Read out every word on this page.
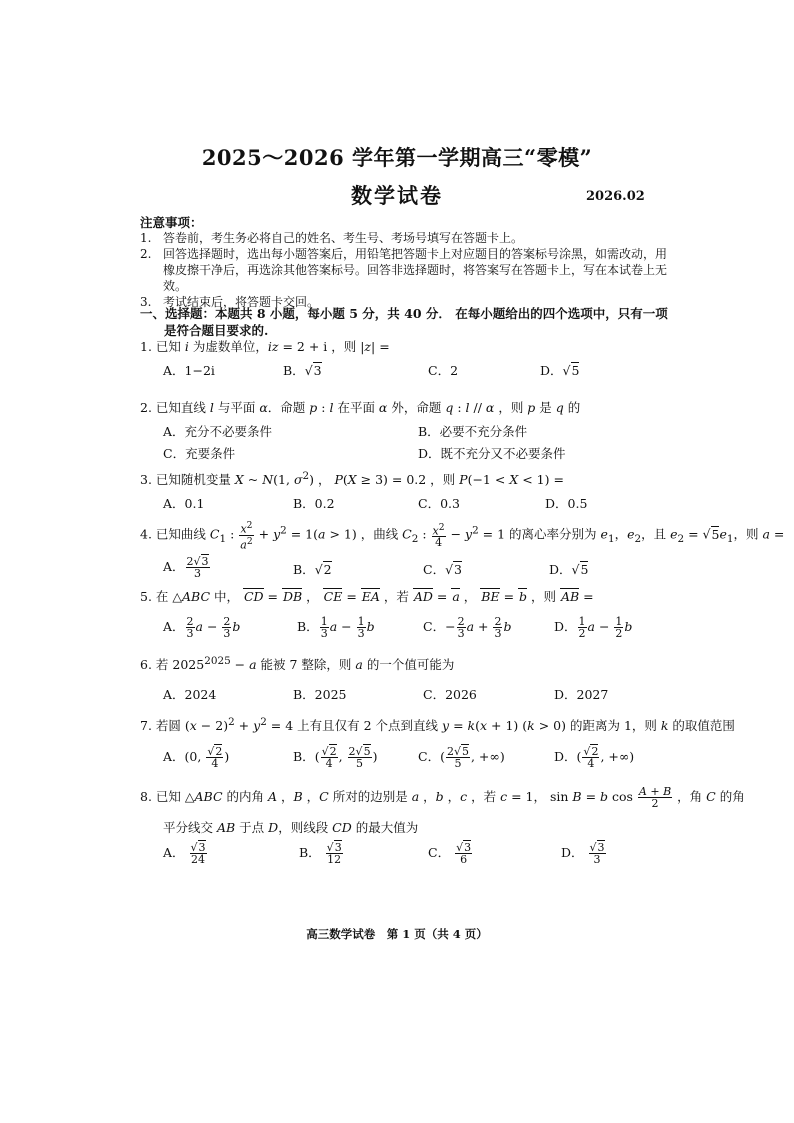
2025～2026 学年第一学期高三“零模”
数学试卷	2026.02
注意事项：
1. 答卷前，考生务必将自己的姓名、考生号、考场号填写在答题卡上。
2. 回答选择题时，选出每小题答案后，用铅笔把答题卡上对应题目的答案标号涂黑，如需改动，用橡皮擦干净后，再选涂其他答案标号。回答非选择题时，将答案写在答题卡上，写在本试卷上无效。
3. 考试结束后，将答题卡交回。
一、选择题：本题共 8 小题，每小题 5 分，共 40 分． 在每小题给出的四个选项中，只有一项是符合题目要求的.
1. 已知 i 为虚数单位，iz = 2 + i ，则 |z| =
A．1−2i	B．√3	C．2	D．√5
2. 已知直线 l 与平面 α．命题 p : l 在平面 α 外，命题 q : l // α ，则 p 是 q 的
A．充分不必要条件	B．必要不充分条件
C．充要条件	D．既不充分又不必要条件
3. 已知随机变量 X ~ N(1, $\sigma^2$) ， P(X ≥ 3) = 0.2 ，则 P(−1 < X < 1) =
A．0.1	B．0.2	C．0.3	D．0.5
4. 已知曲线 $C_1$ : $\frac{x^2}{a^2} + y^2 = 1(a > 1)$ ，曲线 $C_2$ : $\frac{x^2}{4} - y^2 = 1$ 的离心率分别为 $e_1$，$e_2$，且 $e_2 = √5e_1$，则 a =
A． $\frac{2√3}{3}$	B．√2	C．√3	D．√5
5. 在 △ABC 中， CD = DB ， CE = EA ，若 AD = a ， BE = b ，则 AB =
A． $\frac{2}{3}$ $a - \frac{2}{3}$ b	B． $\frac{1}{3}$ $a - \frac{1}{3}$ b	C．− $\frac{2}{3}$ $a + \frac{2}{3}$ b	D． $\frac{1}{2}$ $a - \frac{1}{2}$ b
6. 若 $2025^{2025} - a$ 能被 7 整除，则 a 的一个值可能为
A．2024	B．2025	C．2026	D．2027
7. 若圆 $(x - 2)^2 + y^2 = 4$ 上有且仅有 2 个点到直线 y = k(x + 1) (k > 0) 的距离为 1，则 k 的取值范围
A．(0, $\frac{√2}{4}$ )	B．( $\frac{√2}{4}$ , $\frac{2√5}{5}$ )	C．( $\frac{2√5}{5}$ , +∞)	D．( $\frac{√2}{4}$ , +∞)
8. 已知 △ABC 的内角 A ，B ，C 所对的边别是 a ，b ，c ，若 c = 1， sin B = b $\cos \frac{A + B}{2}$ ，角 C 的角
平分线交 AB 于点 D，则线段 CD 的最大值为
A． $\frac{√3}{24}$	B． $\frac{√3}{12}$	C． $\frac{√3}{6}$	D． $\frac{√3}{3}$
高三数学试卷　第 1 页（共 4 页）
